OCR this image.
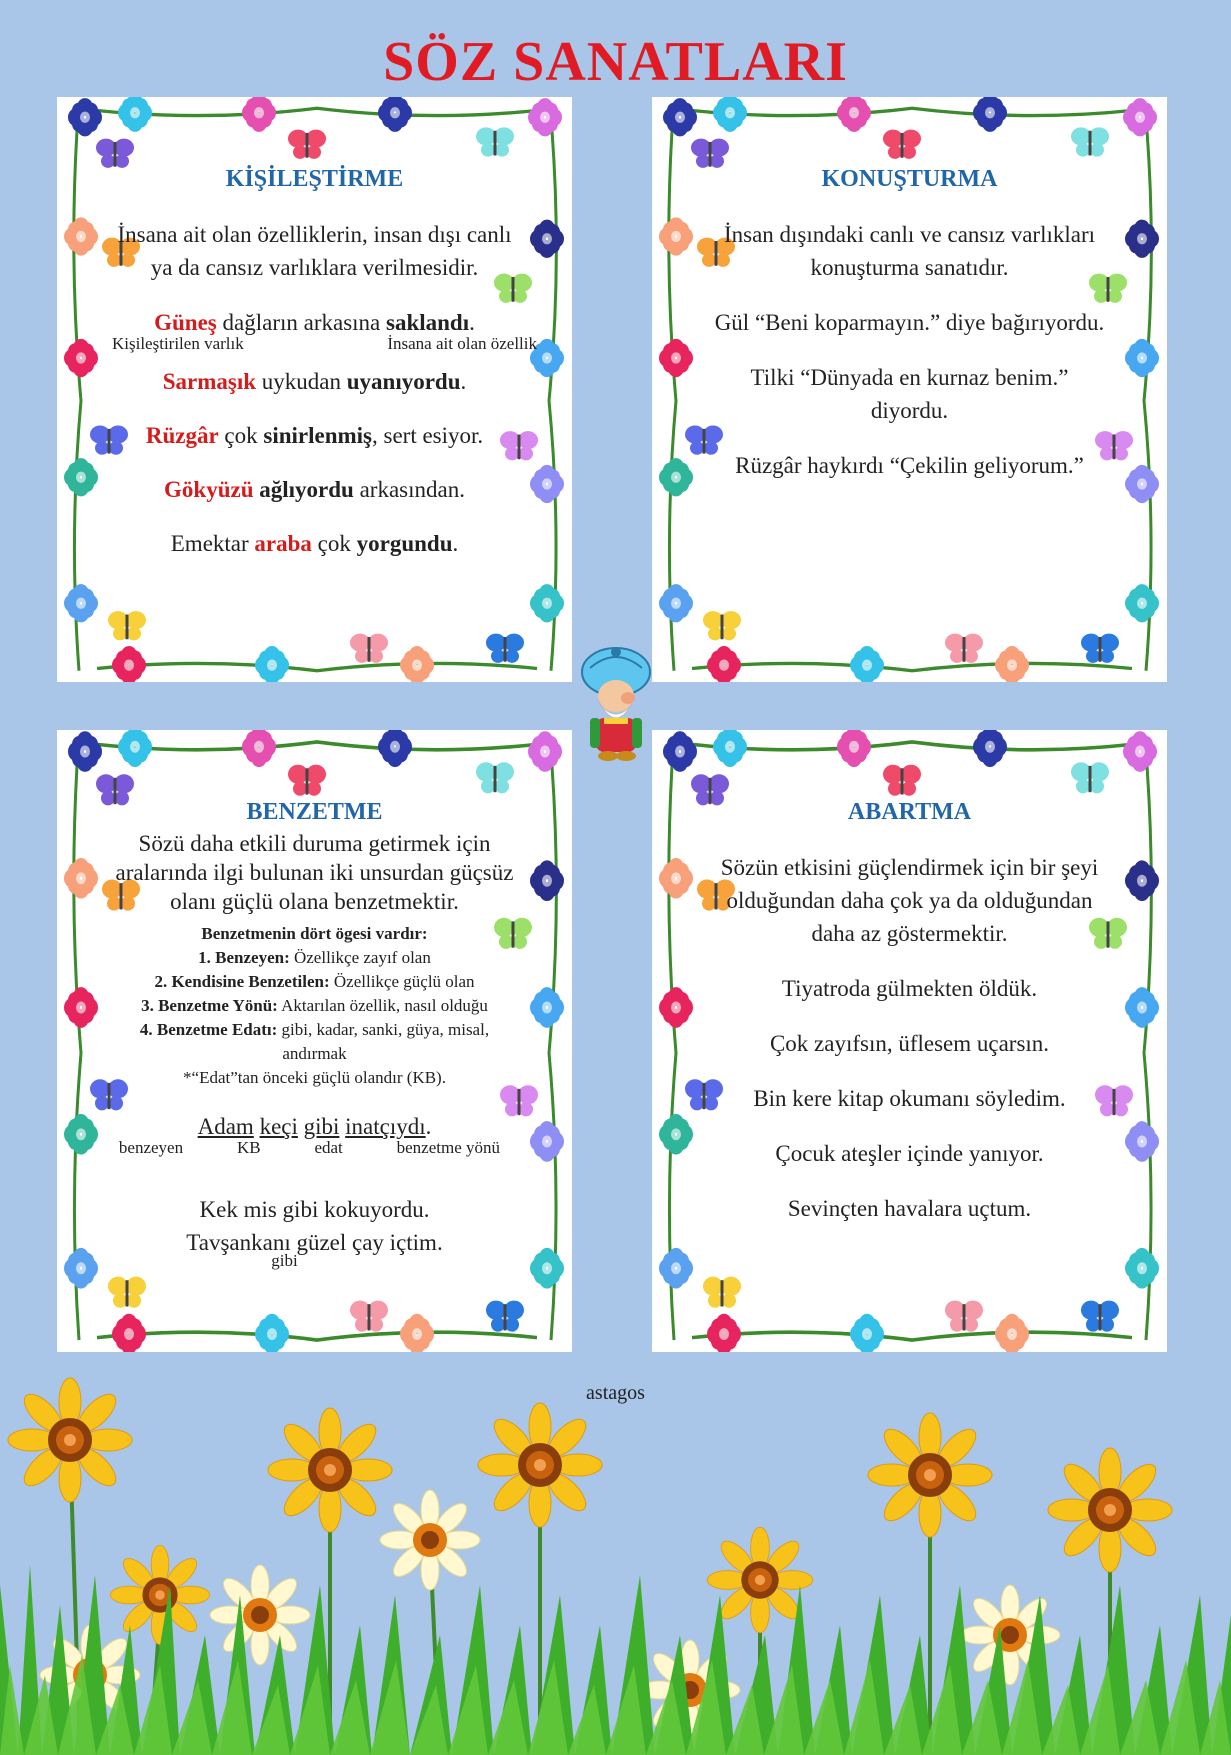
SÖZ SANATLARI

KİŞİLEŞTİRME

İnsana ait olan özelliklerin, insan dışı canlı ya da cansız varlıklara verilmesidir.

Güneş dağların arkasına saklandı.

Kişileştirilen varlık	İnsana ait olan özellik

Sarmaşık uykudan uyanıyordu.

Rüzgâr çok sinirlenmiş, sert esiyor.

Gökyüzü ağlıyordu arkasından.

Emektar araba çok yorgundu.

KONUŞTURMA

İnsan dışındaki canlı ve cansız varlıkları konuşturma sanatıdır.

Gül “Beni koparmayın.” diye bağırıyordu.

Tilki “Dünyada en kurnaz benim.” diyordu.

Rüzgâr haykırdı “Çekilin geliyorum.”

BENZETME

Sözü daha etkili duruma getirmek için aralarında ilgi bulunan iki unsurdan güçsüz olanı güçlü olana benzetmektir.

Benzetmenin dört ögesi vardır:

1. Benzeyen: Özellikçe zayıf olan

2. Kendisine Benzetilen: Özellikçe güçlü olan

3. Benzetme Yönü: Aktarılan özellik, nasıl olduğu

4. Benzetme Edatı: gibi, kadar, sanki, güya, misal, andırmak

*“Edat”tan önceki güçlü olandır (KB).

Adam keçi gibi inatçıydı.

benzeyen	KB	edat	benzetme yönü

Kek mis gibi kokuyordu.

Tavşankanı güzel çay içtim.

gibi

ABARTMA

Sözün etkisini güçlendirmek için bir şeyi olduğundan daha çok ya da olduğundan daha az göstermektir.

Tiyatroda gülmekten öldük.

Çok zayıfsın, üflesem uçarsın.

Bin kere kitap okumanı söyledim.

Çocuk ateşler içinde yanıyor.

Sevinçten havalara uçtum.

astagos
